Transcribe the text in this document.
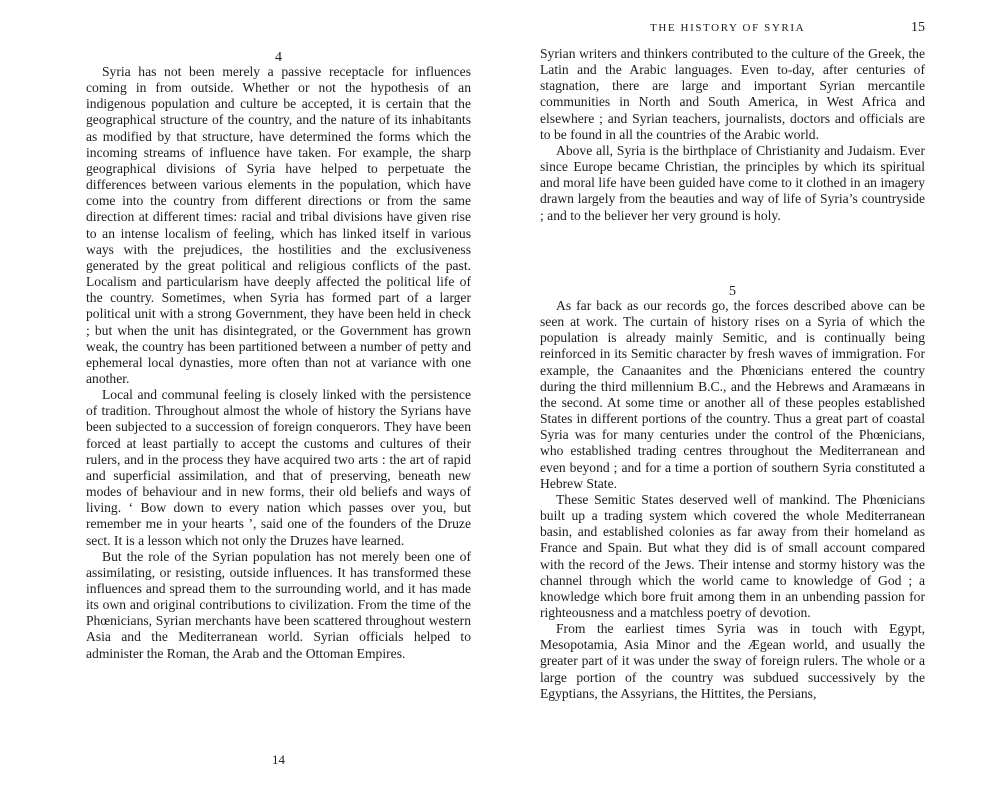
4

Syria has not been merely a passive receptacle for influences coming in from outside. Whether or not the hypothesis of an indigenous population and culture be accepted, it is certain that the geographical structure of the country, and the nature of its inhabitants as modified by that structure, have determined the forms which the incoming streams of influence have taken. For example, the sharp geographical divisions of Syria have helped to perpetuate the differences between various elements in the population, which have come into the country from different directions or from the same direction at different times: racial and tribal divisions have given rise to an intense localism of feeling, which has linked itself in various ways with the prejudices, the hostilities and the exclusiveness generated by the great political and religious conflicts of the past. Localism and particularism have deeply affected the political life of the country. Sometimes, when Syria has formed part of a larger political unit with a strong Government, they have been held in check ; but when the unit has disintegrated, or the Government has grown weak, the country has been partitioned between a number of petty and ephemeral local dynasties, more often than not at variance with one another.

Local and communal feeling is closely linked with the persistence of tradition. Throughout almost the whole of history the Syrians have been subjected to a succession of foreign conquerors. They have been forced at least partially to accept the customs and cultures of their rulers, and in the process they have acquired two arts : the art of rapid and superficial assimilation, and that of preserving, beneath new modes of behaviour and in new forms, their old beliefs and ways of living. ‘ Bow down to every nation which passes over you, but remember me in your hearts ’, said one of the founders of the Druze sect. It is a lesson which not only the Druzes have learned.

But the role of the Syrian population has not merely been one of assimilating, or resisting, outside influences. It has transformed these influences and spread them to the surrounding world, and it has made its own and original contributions to civilization. From the time of the Phœnicians, Syrian merchants have been scattered throughout western Asia and the Mediterranean world. Syrian officials helped to administer the Roman, the Arab and the Ottoman Empires.

14
THE HISTORY OF SYRIA	15

Syrian writers and thinkers contributed to the culture of the Greek, the Latin and the Arabic languages. Even to-day, after centuries of stagnation, there are large and important Syrian mercantile communities in North and South America, in West Africa and elsewhere ; and Syrian teachers, journalists, doctors and officials are to be found in all the countries of the Arabic world.

Above all, Syria is the birthplace of Christianity and Judaism. Ever since Europe became Christian, the principles by which its spiritual and moral life have been guided have come to it clothed in an imagery drawn largely from the beauties and way of life of Syria’s countryside ; and to the believer her very ground is holy.

5

As far back as our records go, the forces described above can be seen at work. The curtain of history rises on a Syria of which the population is already mainly Semitic, and is continually being reinforced in its Semitic character by fresh waves of immigration. For example, the Canaanites and the Phœnicians entered the country during the third millennium B.C., and the Hebrews and Aramæans in the second. At some time or another all of these peoples established States in different portions of the country. Thus a great part of coastal Syria was for many centuries under the control of the Phœnicians, who established trading centres throughout the Mediterranean and even beyond ; and for a time a portion of southern Syria constituted a Hebrew State.

These Semitic States deserved well of mankind. The Phœnicians built up a trading system which covered the whole Mediterranean basin, and established colonies as far away from their homeland as France and Spain. But what they did is of small account compared with the record of the Jews. Their intense and stormy history was the channel through which the world came to knowledge of God ; a knowledge which bore fruit among them in an unbending passion for righteousness and a matchless poetry of devotion.

From the earliest times Syria was in touch with Egypt, Mesopotamia, Asia Minor and the Ægean world, and usually the greater part of it was under the sway of foreign rulers. The whole or a large portion of the country was subdued successively by the Egyptians, the Assyrians, the Hittites, the Persians,
